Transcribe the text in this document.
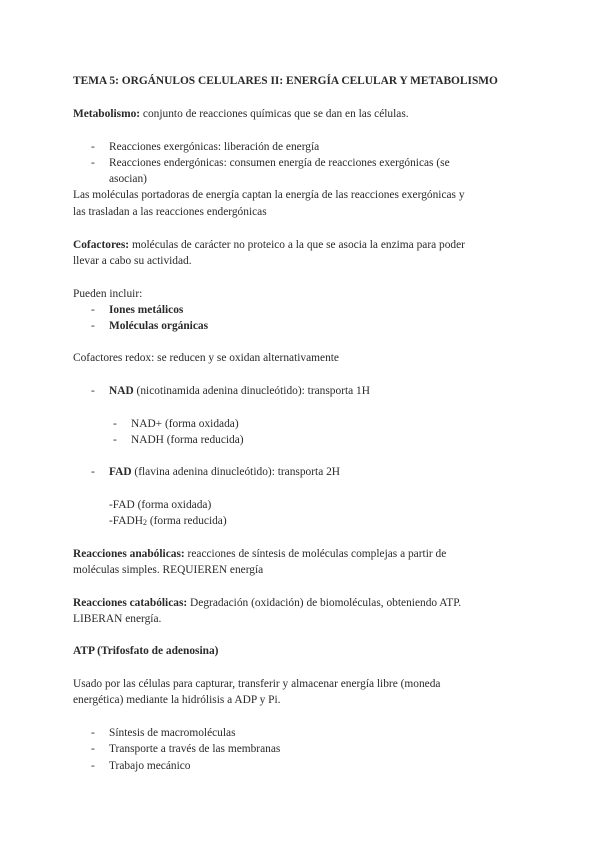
TEMA 5: ORGÁNULOS CELULARES II: ENERGÍA CELULAR Y METABOLISMO
Metabolismo: conjunto de reacciones químicas que se dan en las células.
- Reacciones exergónicas: liberación de energía
- Reacciones endergónicas: consumen energía de reacciones exergónicas (se
asocian)
Las moléculas portadoras de energía captan la energía de las reacciones exergónicas y
las trasladan a las reacciones endergónicas
Cofactores: moléculas de carácter no proteico a la que se asocia la enzima para poder
llevar a cabo su actividad.
Pueden incluir:
- Iones metálicos
- Moléculas orgánicas
Cofactores redox: se reducen y se oxidan alternativamente
- NAD (nicotinamida adenina dinucleótido): transporta 1H
- NAD+ (forma oxidada)
- NADH (forma reducida)
- FAD (flavina adenina dinucleótido): transporta 2H
-FAD (forma oxidada)
-FADH2 (forma reducida)
Reacciones anabólicas: reacciones de síntesis de moléculas complejas a partir de
moléculas simples. REQUIEREN energía
Reacciones catabólicas: Degradación (oxidación) de biomoléculas, obteniendo ATP.
LIBERAN energía.
ATP (Trifosfato de adenosina)
Usado por las células para capturar, transferir y almacenar energía libre (moneda
energética) mediante la hidrólisis a ADP y Pi.
- Síntesis de macromoléculas
- Transporte a través de las membranas
- Trabajo mecánico
